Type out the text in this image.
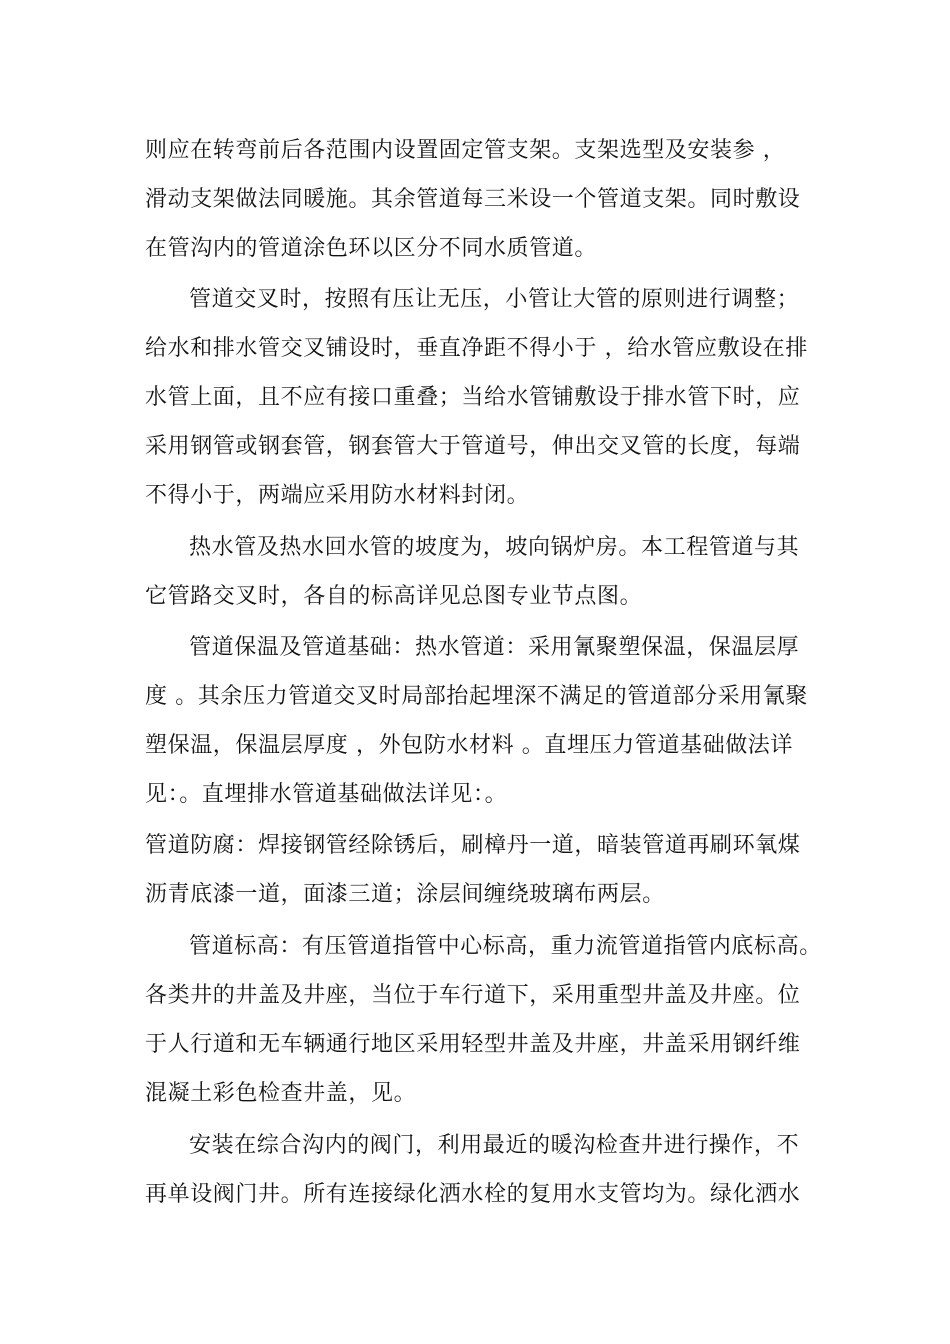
则应在转弯前后各范围内设置固定管支架。支架选型及安装参 ，
滑动支架做法同暖施。其余管道每三米设一个管道支架。同时敷设
在管沟内的管道涂色环以区分不同水质管道。
管道交叉时，按照有压让无压，小管让大管的原则进行调整；
给水和排水管交叉铺设时，垂直净距不得小于 ，给水管应敷设在排
水管上面，且不应有接口重叠；当给水管铺敷设于排水管下时，应
采用钢管或钢套管，钢套管大于管道号，伸出交叉管的长度，每端
不得小于，两端应采用防水材料封闭。
热水管及热水回水管的坡度为，坡向锅炉房。本工程管道与其
它管路交叉时，各自的标高详见总图专业节点图。
管道保温及管道基础：热水管道：采用氰聚塑保温，保温层厚
度 。其余压力管道交叉时局部抬起埋深不满足的管道部分采用氰聚
塑保温，保温层厚度 ，外包防水材料 。直埋压力管道基础做法详
见：。直埋排水管道基础做法详见：。
管道防腐：焊接钢管经除锈后，刷樟丹一道，暗装管道再刷环氧煤
沥青底漆一道，面漆三道；涂层间缠绕玻璃布两层。
管道标高：有压管道指管中心标高，重力流管道指管内底标高。
各类井的井盖及井座，当位于车行道下，采用重型井盖及井座。位
于人行道和无车辆通行地区采用轻型井盖及井座，井盖采用钢纤维
混凝土彩色检查井盖，见。
安装在综合沟内的阀门，利用最近的暖沟检查井进行操作，不
再单设阀门井。所有连接绿化洒水栓的复用水支管均为。绿化洒水
